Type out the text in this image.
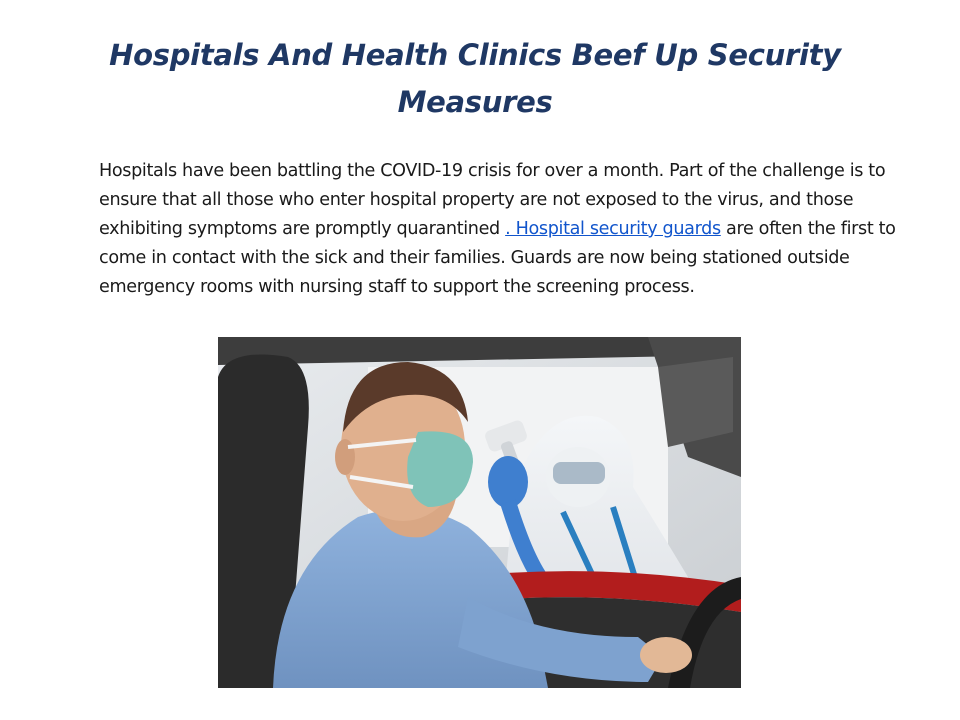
Hospitals And Health Clinics Beef Up Security Measures

Hospitals have been battling the COVID-19 crisis for over a month. Part of the challenge is to ensure that all those who enter hospital property are not exposed to the virus, and those exhibiting symptoms are promptly quarantined . Hospital security guards are often the first to come in contact with the sick and their families. Guards are now being stationed outside emergency rooms with nursing staff to support the screening process.
